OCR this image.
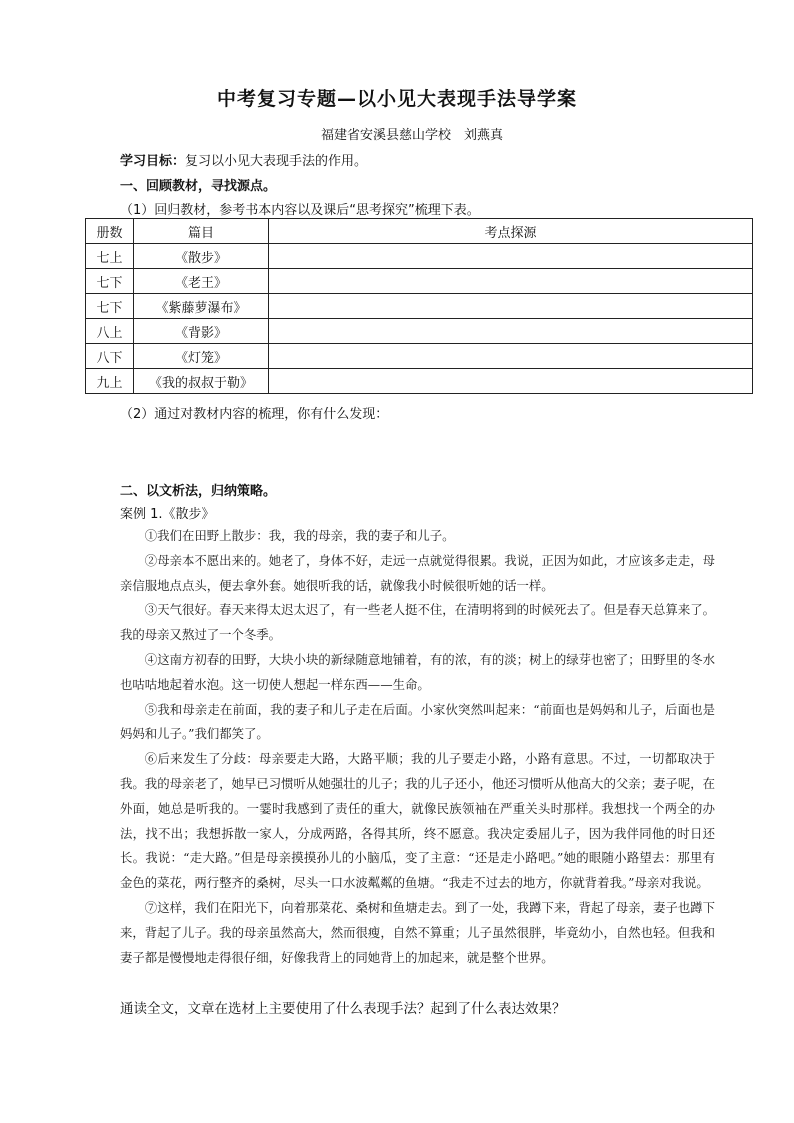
中考复习专题—以小见大表现手法导学案
福建省安溪县慈山学校　刘燕真
学习目标：复习以小见大表现手法的作用。
一、回顾教材，寻找源点。
（1）回归教材，参考书本内容以及课后“思考探究”梳理下表。
册数	篇目	考点探源
七上	《散步》	
七下	《老王》	
七下	《紫藤萝瀑布》	
八上	《背影》	
八下	《灯笼》	
九上	《我的叔叔于勒》	
（2）通过对教材内容的梳理，你有什么发现：
二、以文析法，归纳策略。
案例 1.《散步》

①我们在田野上散步：我，我的母亲，我的妻子和儿子。

②母亲本不愿出来的。她老了，身体不好，走远一点就觉得很累。我说，正因为如此，才应该多走走，母亲信服地点点头，便去拿外套。她很听我的话，就像我小时候很听她的话一样。

③天气很好。春天来得太迟太迟了，有一些老人挺不住，在清明将到的时候死去了。但是春天总算来了。我的母亲又熬过了一个冬季。

④这南方初春的田野，大块小块的新绿随意地铺着，有的浓，有的淡；树上的绿芽也密了；田野里的冬水也咕咕地起着水泡。这一切使人想起一样东西——生命。

⑤我和母亲走在前面，我的妻子和儿子走在后面。小家伙突然叫起来：“前面也是妈妈和儿子，后面也是妈妈和儿子。”我们都笑了。

⑥后来发生了分歧：母亲要走大路，大路平顺；我的儿子要走小路，小路有意思。不过，一切都取决于我。我的母亲老了，她早已习惯听从她强壮的儿子；我的儿子还小，他还习惯听从他高大的父亲；妻子呢，在外面，她总是听我的。一霎时我感到了责任的重大，就像民族领袖在严重关头时那样。我想找一个两全的办法，找不出；我想拆散一家人，分成两路，各得其所，终不愿意。我决定委屈儿子，因为我伴同他的时日还长。我说：“走大路。”但是母亲摸摸孙儿的小脑瓜，变了主意：“还是走小路吧。”她的眼随小路望去：那里有金色的菜花，两行整齐的桑树，尽头一口水波粼粼的鱼塘。“我走不过去的地方，你就背着我。”母亲对我说。

⑦这样，我们在阳光下，向着那菜花、桑树和鱼塘走去。到了一处，我蹲下来，背起了母亲，妻子也蹲下来，背起了儿子。我的母亲虽然高大，然而很瘦，自然不算重；儿子虽然很胖，毕竟幼小，自然也轻。但我和妻子都是慢慢地走得很仔细，好像我背上的同她背上的加起来，就是整个世界。

通读全文，文章在选材上主要使用了什么表现手法？起到了什么表达效果？
